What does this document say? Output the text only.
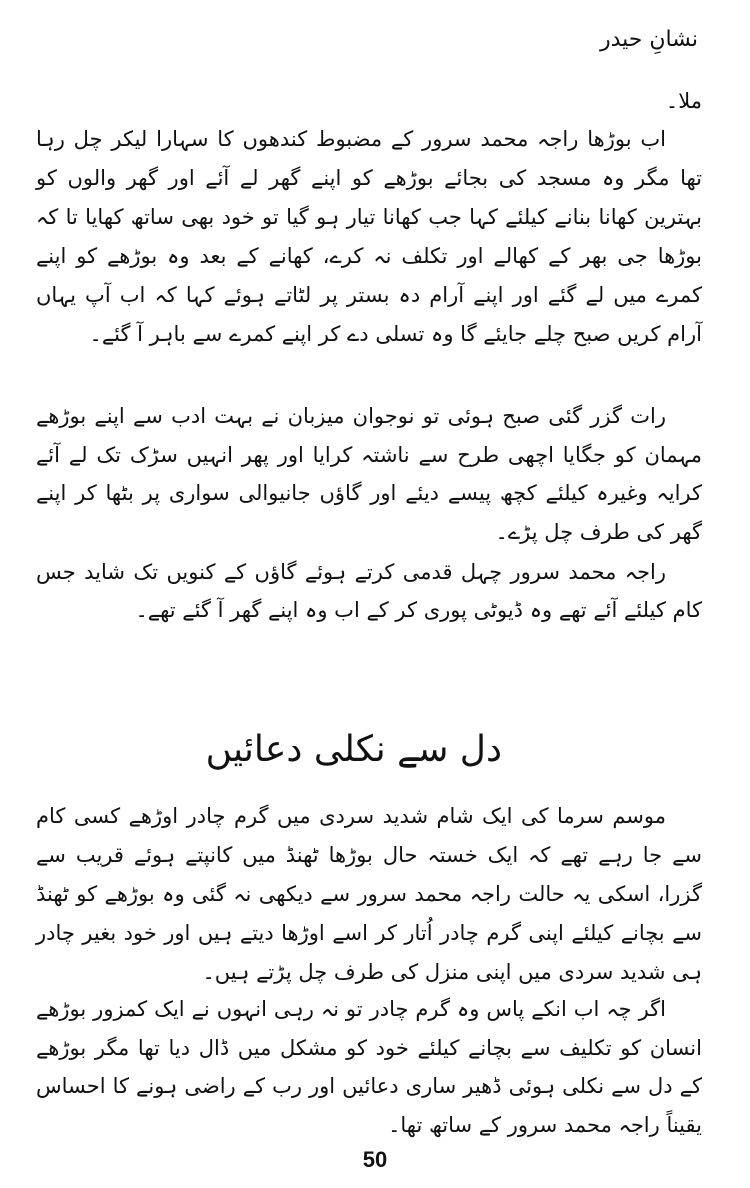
نشانِ حیدر

ملا۔

اب بوڑھا راجہ محمد سرور کے مضبوط کندھوں کا سہارا لیکر چل رہا تھا مگر وہ مسجد کی بجائے بوڑھے کو اپنے گھر لے آئے اور گھر والوں کو بہترین کھانا بنانے کیلئے کہا جب کھانا تیار ہو گیا تو خود بھی ساتھ کھایا تا کہ بوڑھا جی بھر کے کھالے اور تکلف نہ کرے، کھانے کے بعد وہ بوڑھے کو اپنے کمرے میں لے گئے اور اپنے آرام دہ بستر پر لٹاتے ہوئے کہا کہ اب آپ یہاں آرام کریں صبح چلے جایئے گا وہ تسلی دے کر اپنے کمرے سے باہر آ گئے۔

رات گزر گئی صبح ہوئی تو نوجوان میزبان نے بہت ادب سے اپنے بوڑھے مہمان کو جگایا اچھی طرح سے ناشتہ کرایا اور پھر انہیں سڑک تک لے آئے کرایہ وغیرہ کیلئے کچھ پیسے دیئے اور گاؤں جانیوالی سواری پر بٹھا کر اپنے گھر کی طرف چل پڑے۔

راجہ محمد سرور چہل قدمی کرتے ہوئے گاؤں کے کنویں تک شاید جس کام کیلئے آئے تھے وہ ڈیوٹی پوری کر کے اب وہ اپنے گھر آ گئے تھے۔

دل سے نکلی دعائیں

موسم سرما کی ایک شام شدید سردی میں گرم چادر اوڑھے کسی کام سے جا رہے تھے کہ ایک خستہ حال بوڑھا ٹھنڈ میں کانپتے ہوئے قریب سے گزرا، اسکی یہ حالت راجہ محمد سرور سے دیکھی نہ گئی وہ بوڑھے کو ٹھنڈ سے بچانے کیلئے اپنی گرم چادر اُتار کر اسے اوڑھا دیتے ہیں اور خود بغیر چادر ہی شدید سردی میں اپنی منزل کی طرف چل پڑتے ہیں۔

اگر چہ اب انکے پاس وہ گرم چادر تو نہ رہی انہوں نے ایک کمزور بوڑھے انسان کو تکلیف سے بچانے کیلئے خود کو مشکل میں ڈال دیا تھا مگر بوڑھے کے دل سے نکلی ہوئی ڈھیر ساری دعائیں اور رب کے راضی ہونے کا احساس یقیناً راجہ محمد سرور کے ساتھ تھا۔

50
